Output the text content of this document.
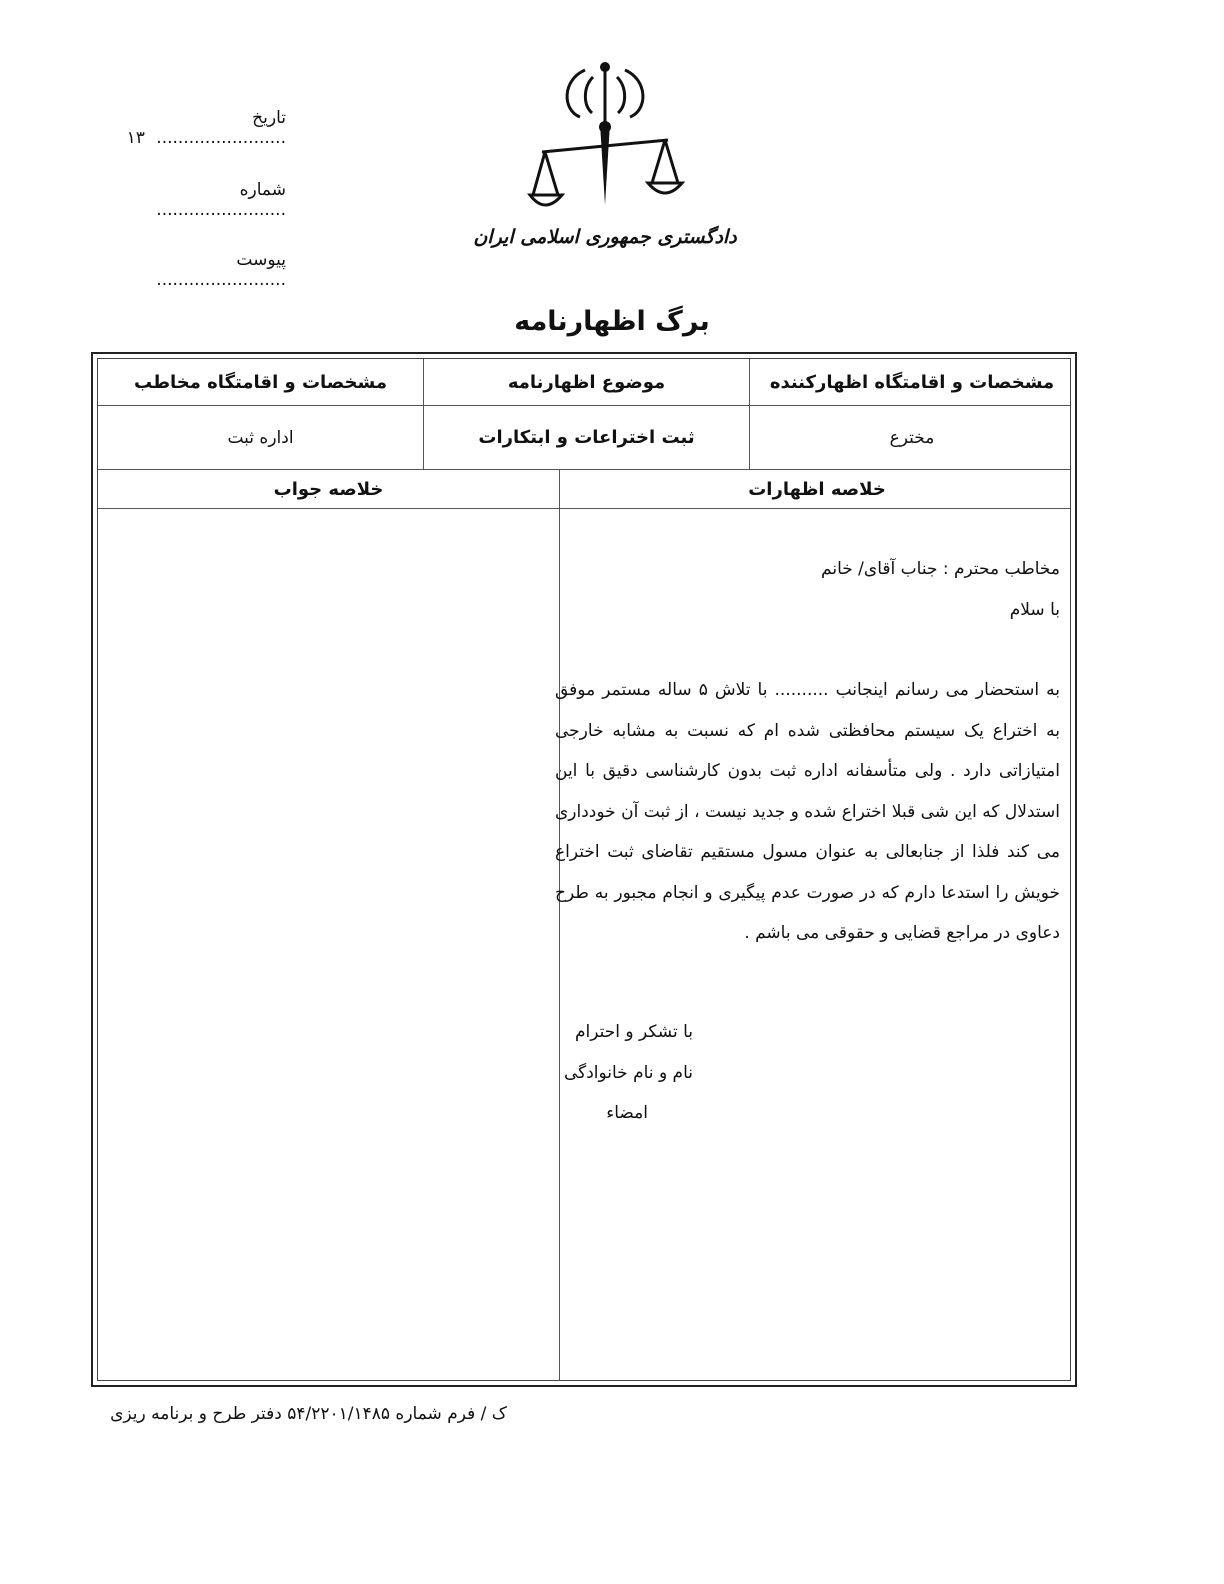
تاریخ ........................ ۱۳
شماره ........................
پیوست ........................
دادگستری جمهوری اسلامی ایران
برگ اظهارنامه
مشخصات و اقامتگاه اظهارکننده
موضوع اظهارنامه
مشخصات و اقامتگاه مخاطب
مخترع
ثبت اختراعات و ابتکارات
اداره ثبت
خلاصه اظهارات
خلاصه جواب

مخاطب محترم : جناب آقای/ خانم

با سلام

به استحضار می رسانم اینجانب .......... با تلاش ۵ ساله مستمر موفق به اختراع یک سیستم محافظتی شده ام که نسبت به مشابه خارجی امتیازاتی دارد . ولی متأسفانه اداره ثبت بدون کارشناسی دقیق با این استدلال که این شی قبلا اختراع شده و جدید نیست ، از ثبت آن خودداری می کند فلذا از جنابعالی به عنوان مسول مستقیم تقاضای ثبت اختراع خویش را استدعا دارم که در صورت عدم پیگیری و انجام مجبور به طرح دعاوی در مراجع قضایی و حقوقی می باشم .

با تشکر و احترام
نام و نام خانوادگی
امضاء
ک / فرم شماره ۵۴/۲۲۰۱/۱۴۸۵ دفتر طرح و برنامه ریزی
